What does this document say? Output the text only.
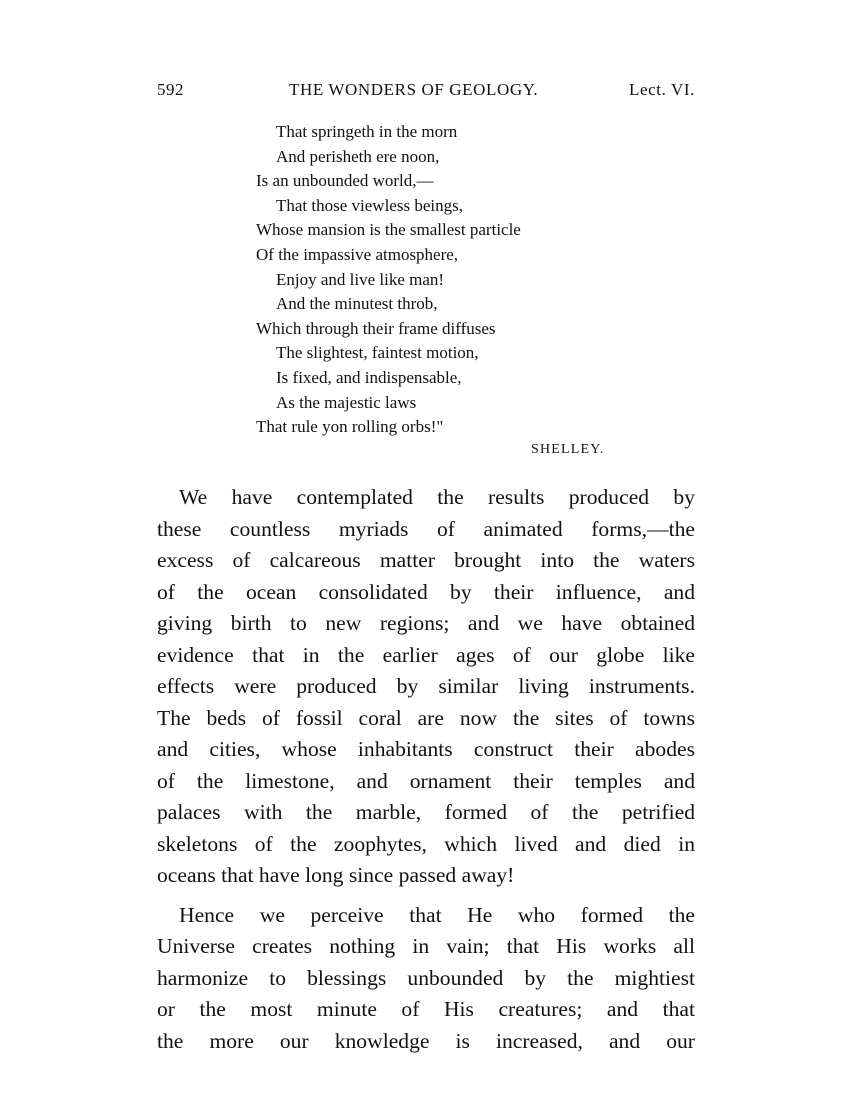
592	THE WONDERS OF GEOLOGY.	Lect. VI.
That springeth in the morn
And perisheth ere noon,
Is an unbounded world,—
That those viewless beings,
Whose mansion is the smallest particle
Of the impassive atmosphere,
Enjoy and live like man!
And the minutest throb,
Which through their frame diffuses
The slightest, faintest motion,
Is fixed, and indispensable,
As the majestic laws
That rule yon rolling orbs!"
SHELLEY.

We have contemplated the results produced by
these countless myriads of animated forms,—the
excess of calcareous matter brought into the waters
of the ocean consolidated by their influence, and
giving birth to new regions; and we have obtained
evidence that in the earlier ages of our globe like
effects were produced by similar living instruments.
The beds of fossil coral are now the sites of towns
and cities, whose inhabitants construct their abodes
of the limestone, and ornament their temples and
palaces with the marble, formed of the petrified
skeletons of the zoophytes, which lived and died in
oceans that have long since passed away!

Hence we perceive that He who formed the
Universe creates nothing in vain; that His works all
harmonize to blessings unbounded by the mightiest
or the most minute of His creatures; and that
the more our knowledge is increased, and our
